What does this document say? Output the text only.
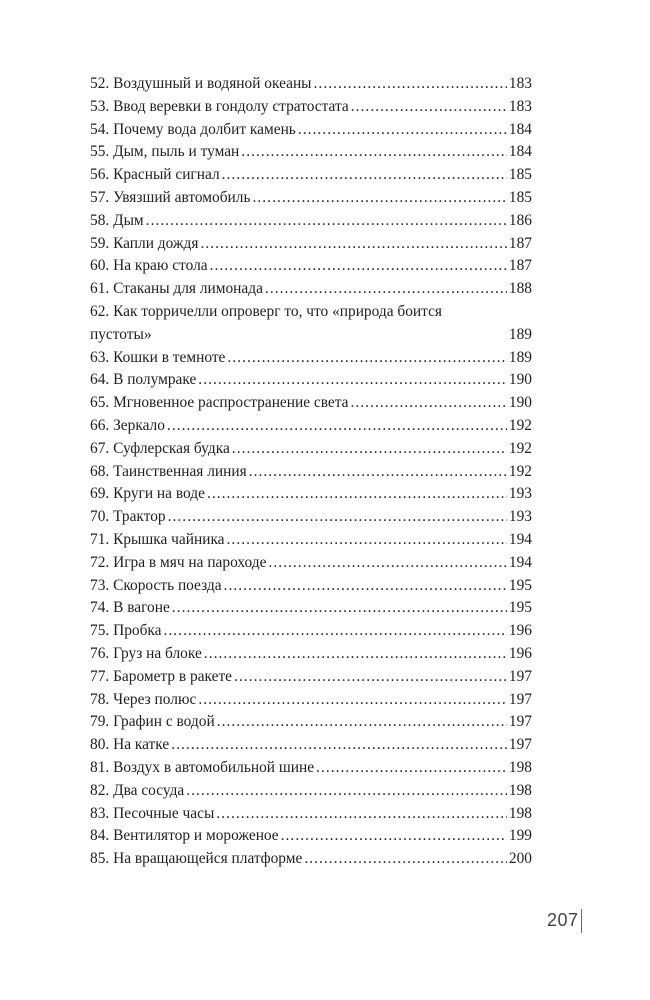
52. Воздушный и водяной океаны . . .	183
53. Ввод веревки в гондолу стратостата . . .	183
54. Почему вода долбит камень . . .	184
55. Дым, пыль и туман . . .	184
56. Красный сигнал . . .	185
57. Увязший автомобиль . . .	185
58. Дым . . .	186
59. Капли дождя . . .	187
60. На краю стола . . .	187
61. Стаканы для лимонада . . .	188
62. Как торричелли опроверг то, что «природа боится
пустоты»	189
63. Кошки в темноте . . .	189
64. В полумраке . . .	190
65. Мгновенное распространение света . . .	190
66. Зеркало . . .	192
67. Суфлерская будка . . .	192
68. Таинственная линия . . .	192
69. Круги на воде . . .	193
70. Трактор . . .	193
71. Крышка чайника . . .	194
72. Игра в мяч на пароходе . . .	194
73. Скорость поезда . . .	195
74. В вагоне . . .	195
75. Пробка . . .	196
76. Груз на блоке . . .	196
77. Барометр в ракете . . .	197
78. Через полюс . . .	197
79. Графин с водой . . .	197
80. На катке . . .	197
81. Воздух в автомобильной шине . . .	198
82. Два сосуда . . .	198
83. Песочные часы . . .	198
84. Вентилятор и мороженое . . .	199
85. На вращающейся платформе . . .	200
207
